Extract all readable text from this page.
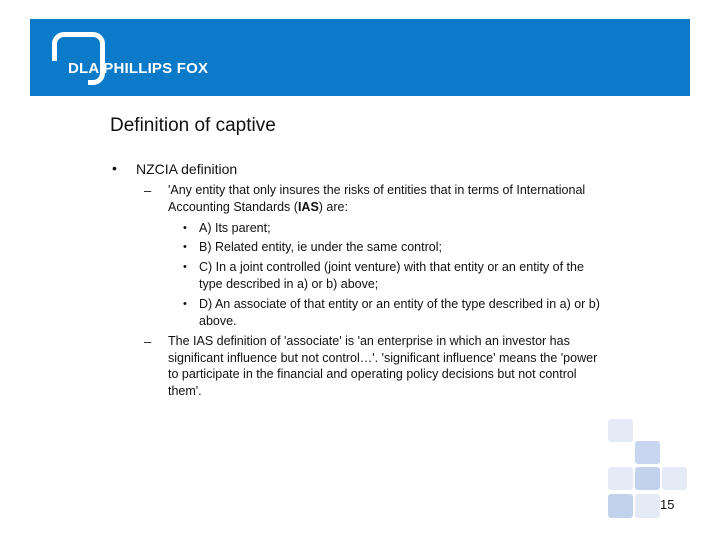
DLA PHILLIPS FOX
Definition of captive
• NZCIA definition
– 'Any entity that only insures the risks of entities that in terms of International Accounting Standards (IAS) are:
• A) Its parent;
• B) Related entity, ie under the same control;
• C) In a joint controlled (joint venture) with that entity or an entity of the type described in a) or b) above;
• D) An associate of that entity or an entity of the type described in a) or b) above.
– The IAS definition of 'associate' is 'an enterprise in which an investor has significant influence but not control…'. 'significant influence' means the 'power to participate in the financial and operating policy decisions but not control them'.
15
